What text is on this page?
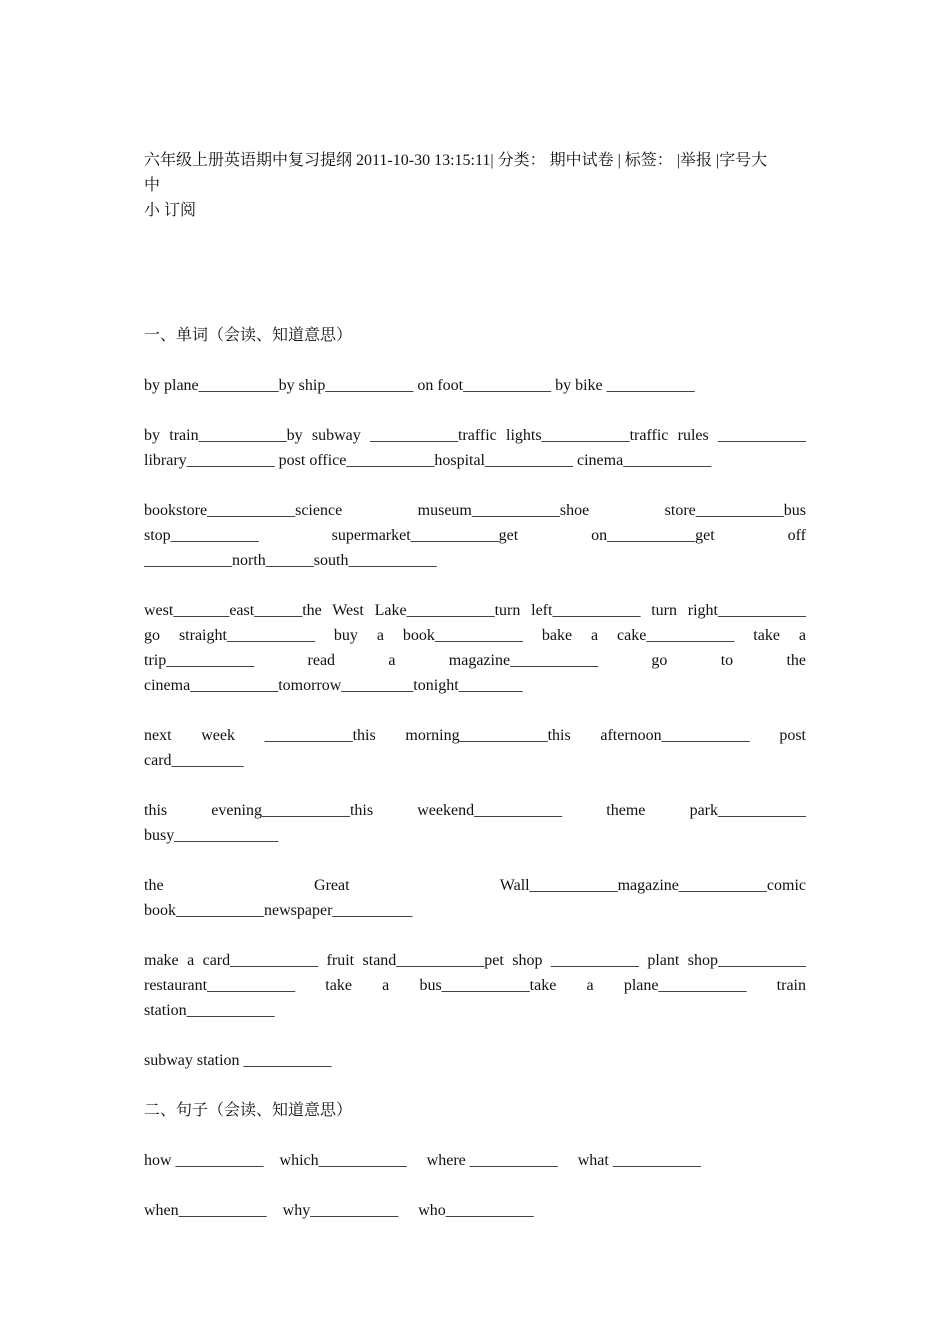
六年级上册英语期中复习提纲 2011-10-30 13:15:11| 分类： 期中试卷 | 标签： |举报 |字号大
中
小 订阅
一、单词（会读、知道意思）
by plane__________by ship___________ on foot___________ by bike ___________
by train___________by subway ___________traffic lights___________traffic rules ___________
library___________ post office___________hospital___________ cinema___________
bookstore___________science museum___________shoe store___________bus
stop___________ supermarket___________get on___________get off
___________north______south___________
west_______east______the West Lake___________turn left___________ turn right___________
go straight___________ buy a book___________ bake a cake___________ take a
trip___________ read a magazine___________ go to the
cinema___________tomorrow_________tonight________
next week ___________this morning___________this afternoon___________ post
card_________
this evening___________this weekend___________ theme park___________
busy_____________
the Great Wall___________magazine___________comic
book___________newspaper__________
make a card___________ fruit stand___________pet shop ___________ plant shop___________
restaurant___________ take a bus___________take a plane___________ train
station___________
subway station ___________
二、句子（会读、知道意思）
how ___________    which___________     where ___________     what ___________
when___________    why___________     who___________
